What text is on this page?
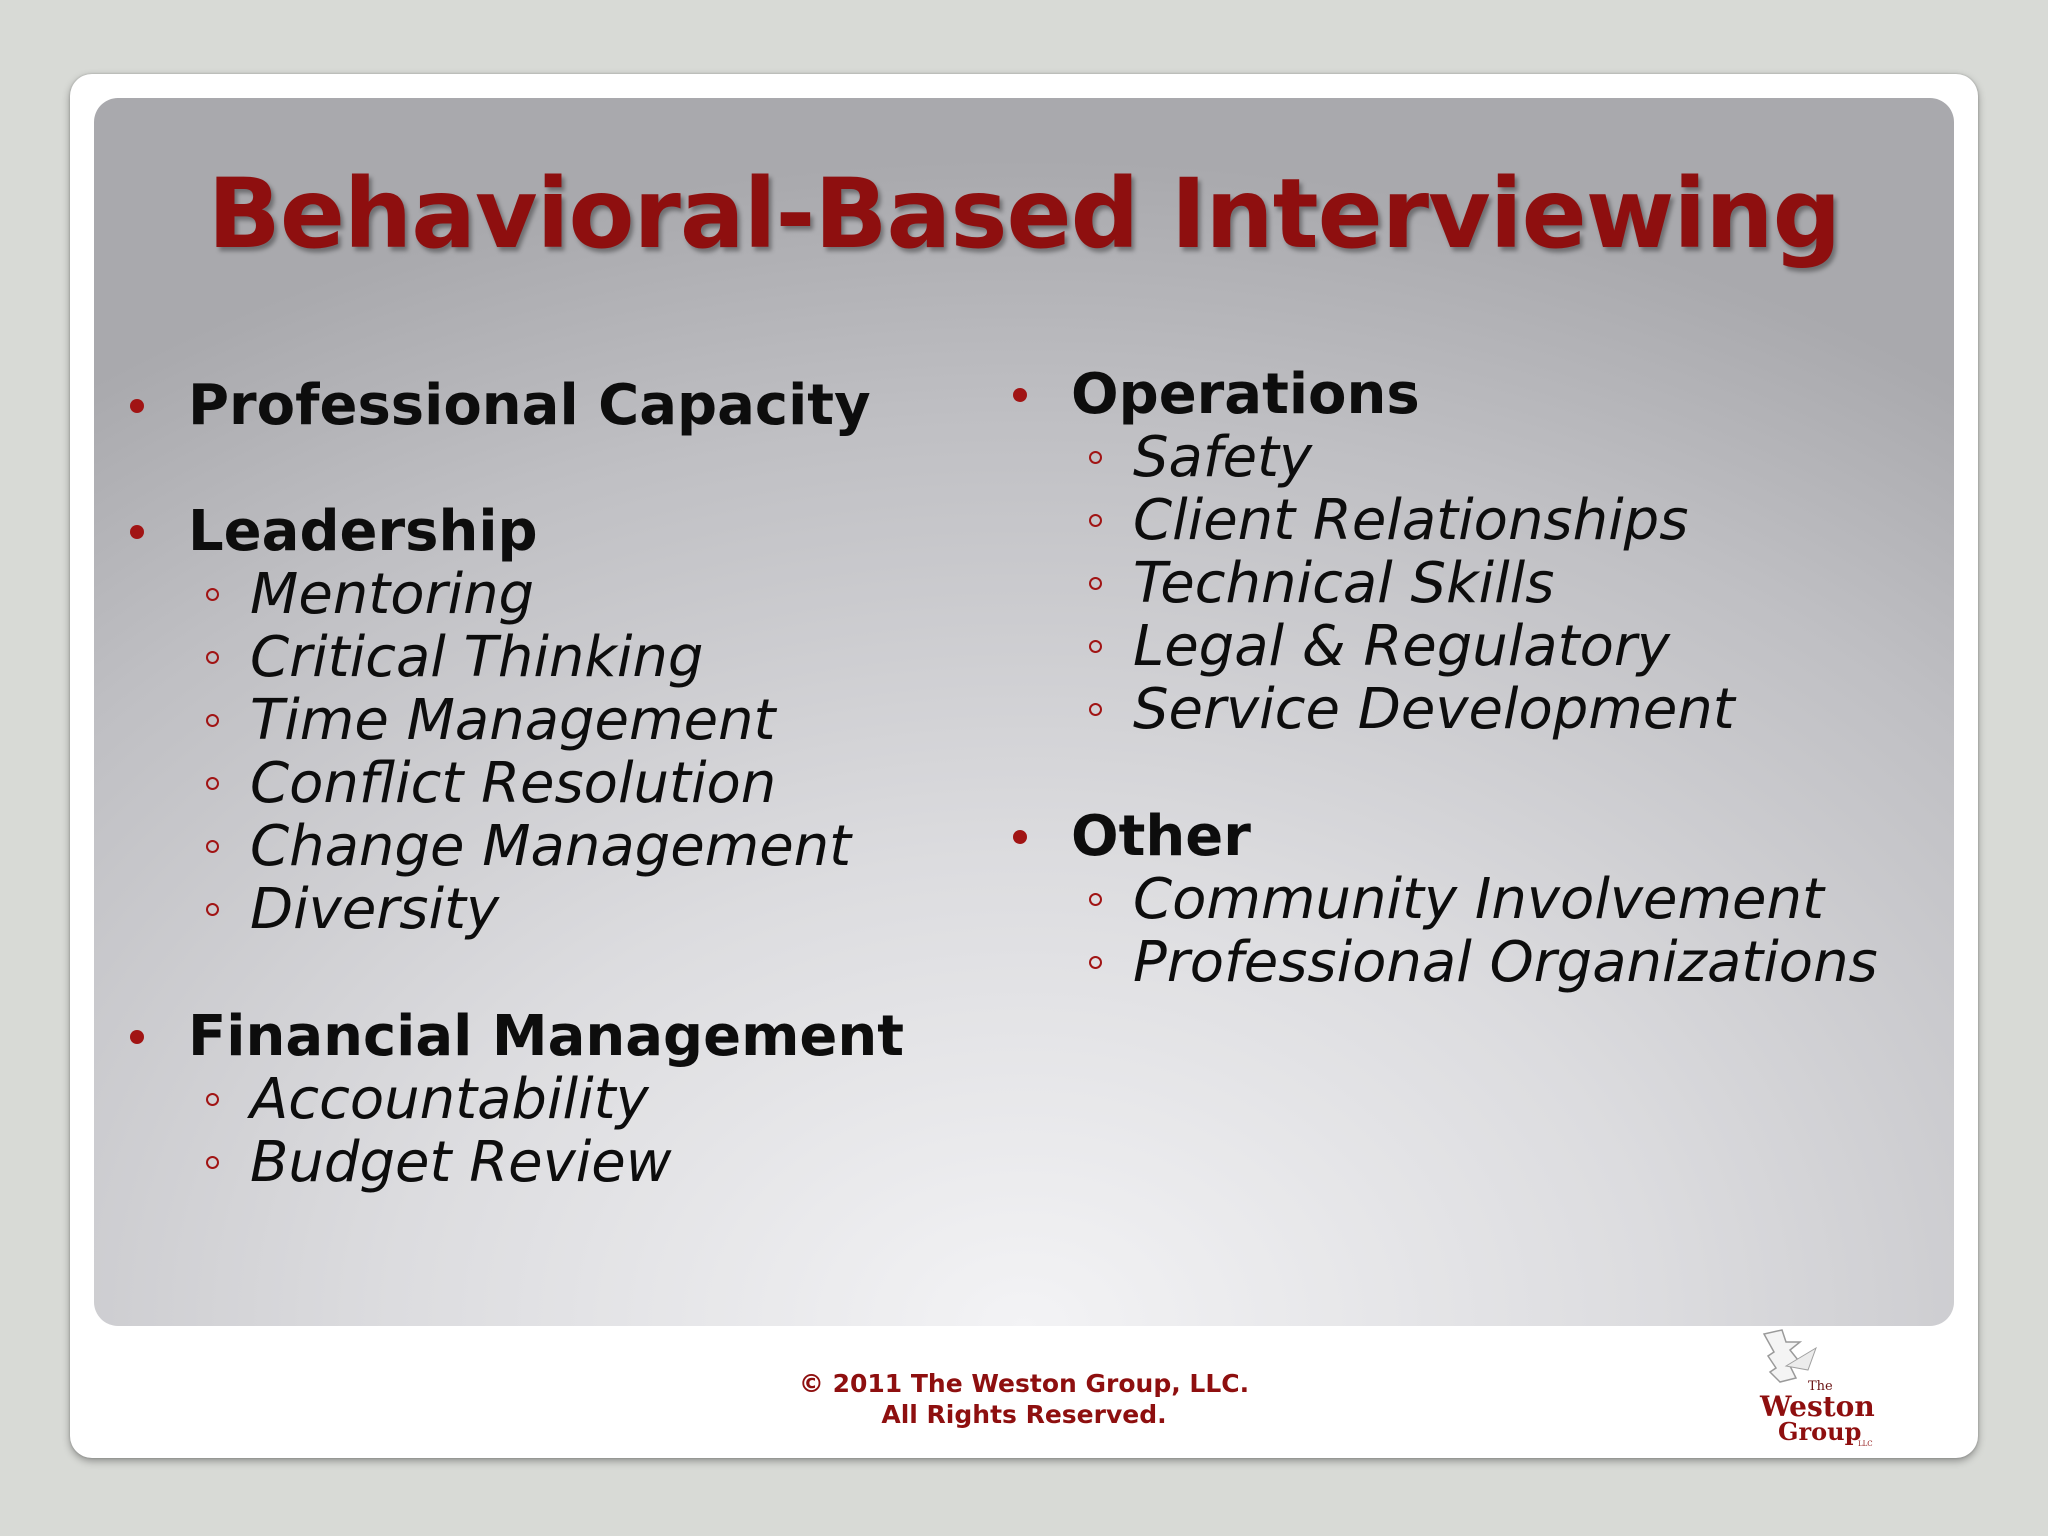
Behavioral-Based Interviewing
Professional Capacity
Leadership
Mentoring
Critical Thinking
Time Management
Conflict Resolution
Change Management
Diversity
Financial Management
Accountability
Budget Review
Operations
Safety
Client Relationships
Technical Skills
Legal & Regulatory
Service Development
Other
Community Involvement
Professional Organizations
© 2011 The Weston Group, LLC.
All Rights Reserved.
The
Weston
Group
LLC
